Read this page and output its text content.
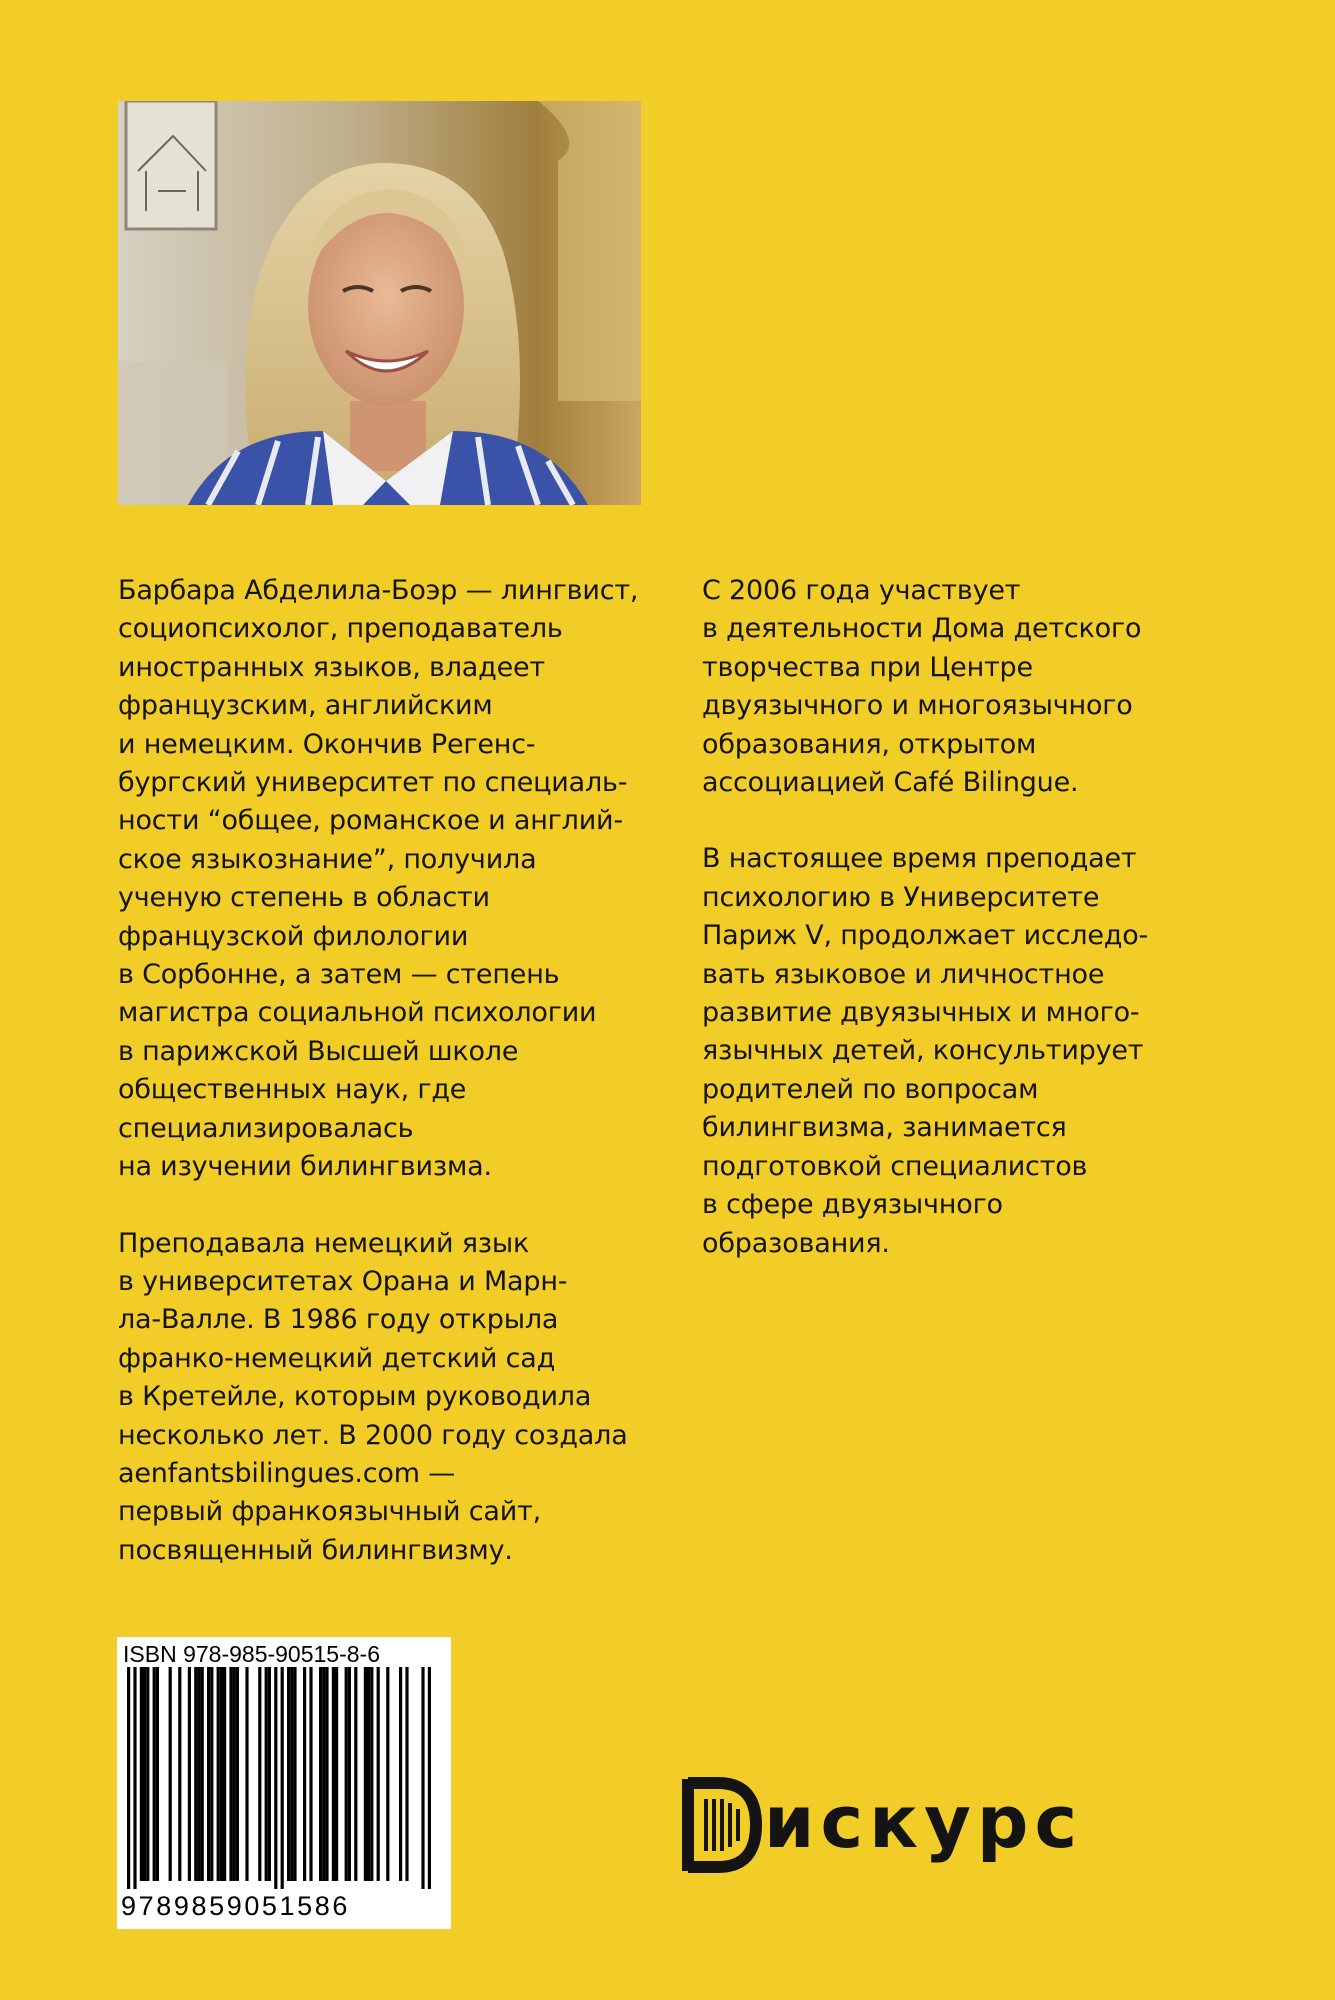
Барбара Абделила-Боэр — лингвист,
социопсихолог, преподаватель
иностранных языков, владеет
французским, английским
и немецким. Окончив Регенс-
бургский университет по специаль-
ности “общее, романское и англий-
ское языкознание”, получила
ученую степень в области
французской филологии
в Сорбонне, а затем — степень
магистра социальной психологии
в парижской Высшей школе
общественных наук, где
специализировалась
на изучении билингвизма.

Преподавала немецкий язык
в университетах Орана и Марн-
ла-Валле. В 1986 году открыла
франко-немецкий детский сад
в Кретейле, которым руководила
несколько лет. В 2000 году создала
aenfantsbilingues.com —
первый франкоязычный сайт,
посвященный билингвизму.

С 2006 года участвует
в деятельности Дома детского
творчества при Центре
двуязычного и многоязычного
образования, открытом
ассоциацией Café Bilingue.

В настоящее время преподает
психологию в Университете
Париж V, продолжает исследо-
вать языковое и личностное
развитие двуязычных и много-
язычных детей, консультирует
родителей по вопросам
билингвизма, занимается
подготовкой специалистов
в сфере двуязычного
образования.

ISBN 978-985-90515-8-6
9789859051586
искурс
